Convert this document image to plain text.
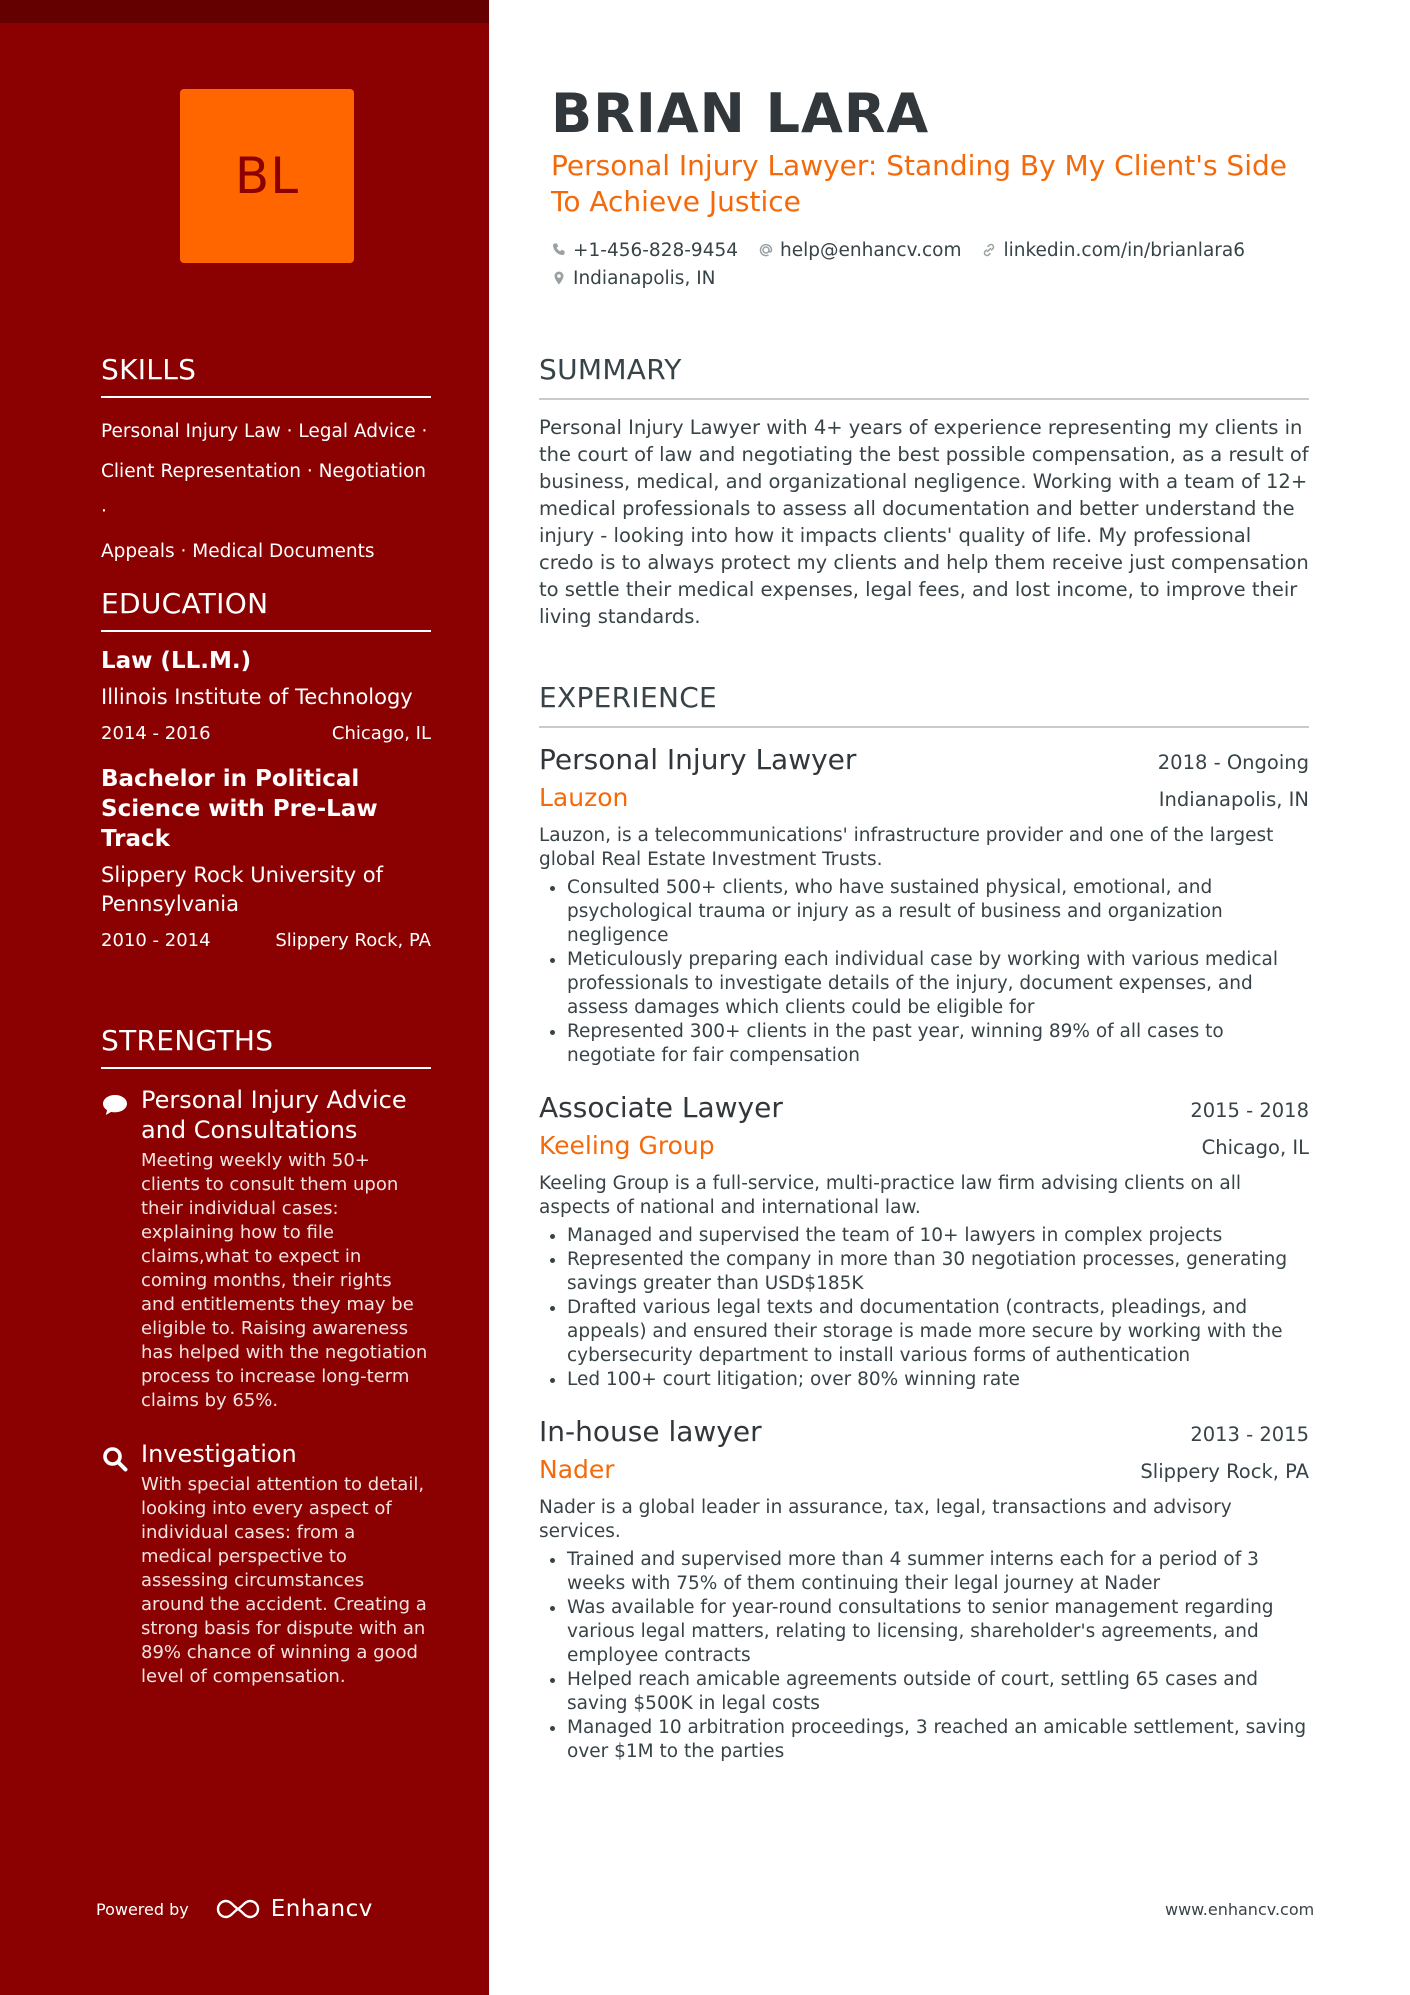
BL
SKILLS
Personal Injury Law · Legal Advice ·
Client Representation · Negotiation ·
Appeals · Medical Documents
EDUCATION
Law (LL.M.)
Illinois Institute of Technology
2014 - 2016	Chicago, IL
Bachelor in Political Science with Pre-Law Track
Slippery Rock University of Pennsylvania
2010 - 2014	Slippery Rock, PA
STRENGTHS
Personal Injury Advice and Consultations
Meeting weekly with 50+ clients to consult them upon their individual cases: explaining how to file claims,what to expect in coming months, their rights and entitlements they may be eligible to. Raising awareness has helped with the negotiation process to increase long-term claims by 65%.
Investigation
With special attention to detail, looking into every aspect of individual cases: from a medical perspective to assessing circumstances around the accident. Creating a strong basis for dispute with an 89% chance of winning a good level of compensation.
Powered by	Enhancv
BRIAN LARA
Personal Injury Lawyer: Standing By My Client's Side To Achieve Justice
+1-456-828-9454 help@enhancv.com linkedin.com/in/brianlara6
Indianapolis, IN
SUMMARY
Personal Injury Lawyer with 4+ years of experience representing my clients in the court of law and negotiating the best possible compensation, as a result of business, medical, and organizational negligence. Working with a team of 12+ medical professionals to assess all documentation and better understand the injury - looking into how it impacts clients' quality of life. My professional credo is to always protect my clients and help them receive just compensation to settle their medical expenses, legal fees, and lost income, to improve their living standards.
EXPERIENCE
Personal Injury Lawyer	2018 - Ongoing
Lauzon	Indianapolis, IN
Lauzon, is a telecommunications' infrastructure provider and one of the largest global Real Estate Investment Trusts.
• Consulted 500+ clients, who have sustained physical, emotional, and psychological trauma or injury as a result of business and organization negligence
• Meticulously preparing each individual case by working with various medical professionals to investigate details of the injury, document expenses, and assess damages which clients could be eligible for
• Represented 300+ clients in the past year, winning 89% of all cases to negotiate for fair compensation
Associate Lawyer	2015 - 2018
Keeling Group	Chicago, IL
Keeling Group is a full-service, multi-practice law firm advising clients on all aspects of national and international law.
• Managed and supervised the team of 10+ lawyers in complex projects
• Represented the company in more than 30 negotiation processes, generating savings greater than USD$185K
• Drafted various legal texts and documentation (contracts, pleadings, and appeals) and ensured their storage is made more secure by working with the cybersecurity department to install various forms of authentication
• Led 100+ court litigation; over 80% winning rate
In-house lawyer	2013 - 2015
Nader	Slippery Rock, PA
Nader is a global leader in assurance, tax, legal, transactions and advisory services.
• Trained and supervised more than 4 summer interns each for a period of 3 weeks with 75% of them continuing their legal journey at Nader
• Was available for year-round consultations to senior management regarding various legal matters, relating to licensing, shareholder's agreements, and employee contracts
• Helped reach amicable agreements outside of court, settling 65 cases and saving $500K in legal costs
• Managed 10 arbitration proceedings, 3 reached an amicable settlement, saving over $1M to the parties
www.enhancv.com
